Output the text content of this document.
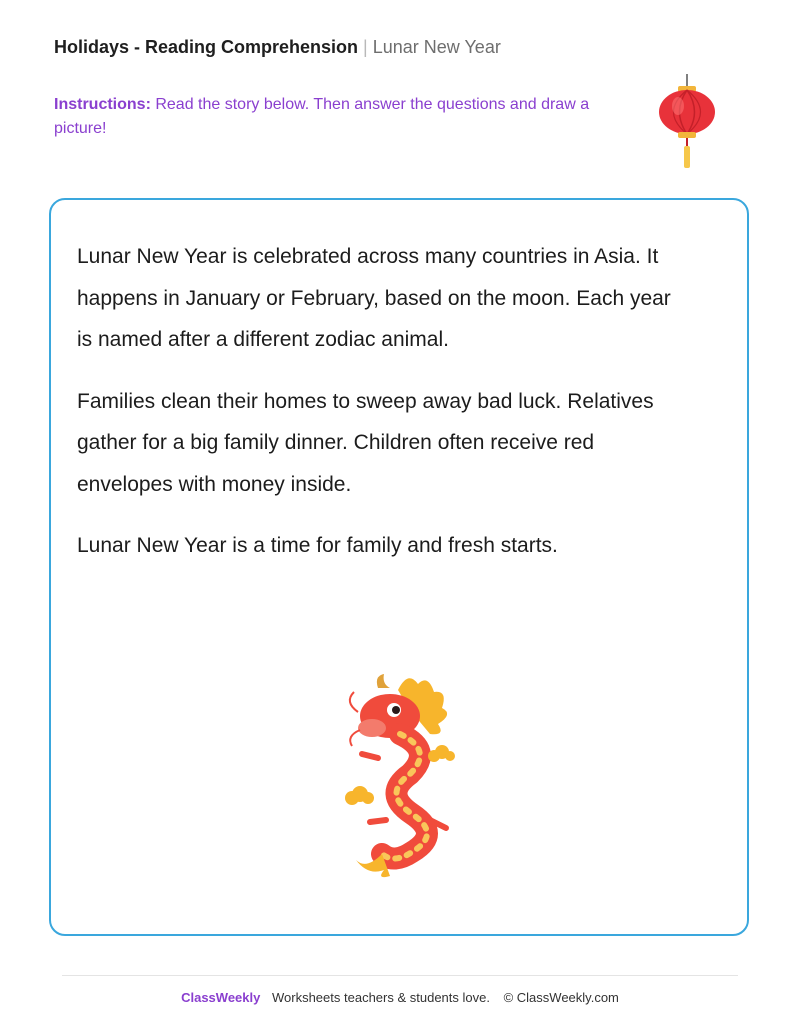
Holidays - Reading Comprehension | Lunar New Year
Instructions: Read the story below. Then answer the questions and draw a picture!

Lunar New Year is celebrated across many countries in Asia. It happens in January or February, based on the moon. Each year is named after a different zodiac animal.

Families clean their homes to sweep away bad luck. Relatives gather for a big family dinner. Children often receive red envelopes with money inside.

Lunar New Year is a time for family and fresh starts.

ClassWeekly Worksheets teachers & students love. © ClassWeekly.com
